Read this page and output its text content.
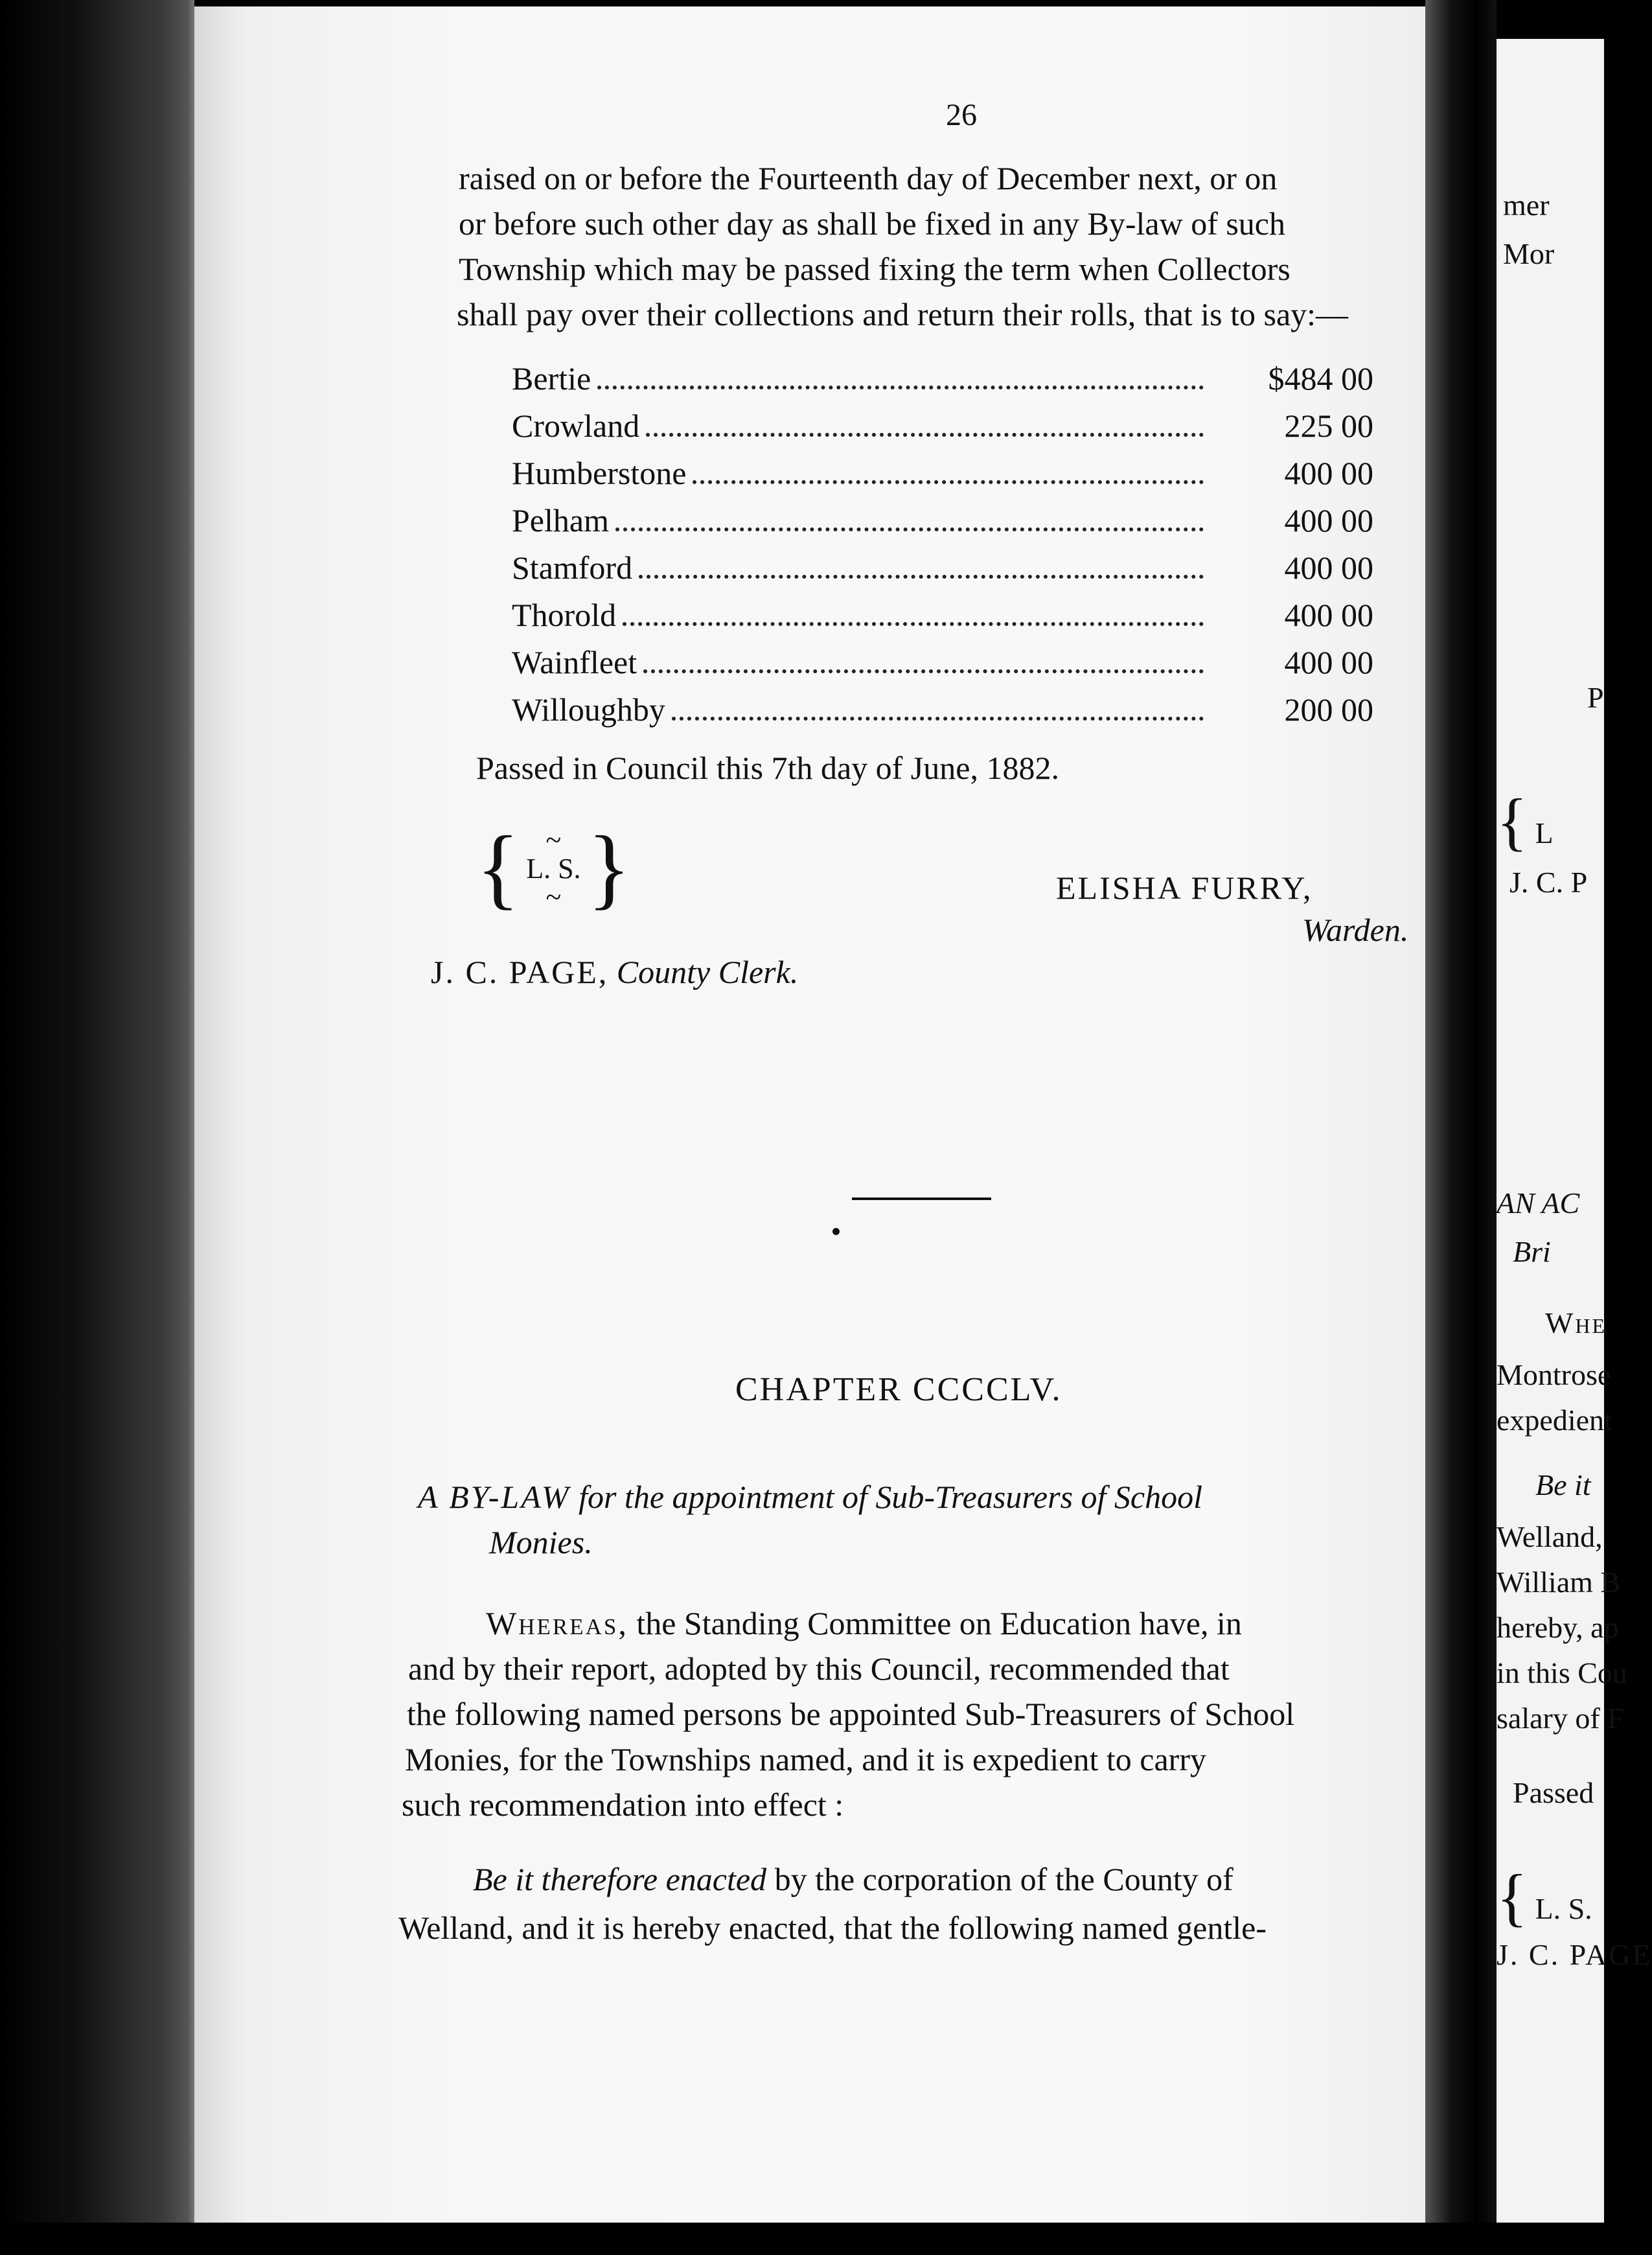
26
raised on or before the Fourteenth day of December next, or on
or before such other day as shall be fixed in any By-law of such
Township which may be passed fixing the term when Collectors
shall pay over their collections and return their rolls, that is to say:—
Bertie	$484 00
Crowland	225 00
Humberstone	400 00
Pelham	400 00
Stamford	400 00
Thorold	400 00
Wainfleet	400 00
Willoughby	200 00
Passed in Council this 7th day of June, 1882.
{~ L. S. ~}	ELISHA FURRY,
Warden.
J. C. PAGE, County Clerk.
CHAPTER CCCCLV.
A BY-LAW for the appointment of Sub-Treasurers of School
Monies.
Whereas, the Standing Committee on Education have, in
and by their report, adopted by this Council, recommended that
the following named persons be appointed Sub-Treasurers of School
Monies, for the Townships named, and it is expedient to carry
such recommendation into effect :
Be it therefore enacted by the corporation of the County of
Welland, and it is hereby enacted, that the following named gentle-
mer
Mor
P
{ L
J. C. P
AN AC
Bri
Whe
Montrose
expedient
Be it
Welland,
William B
hereby, ap
in this Cou
salary of F
Passed
{ L. S.
J. C. PAGE
